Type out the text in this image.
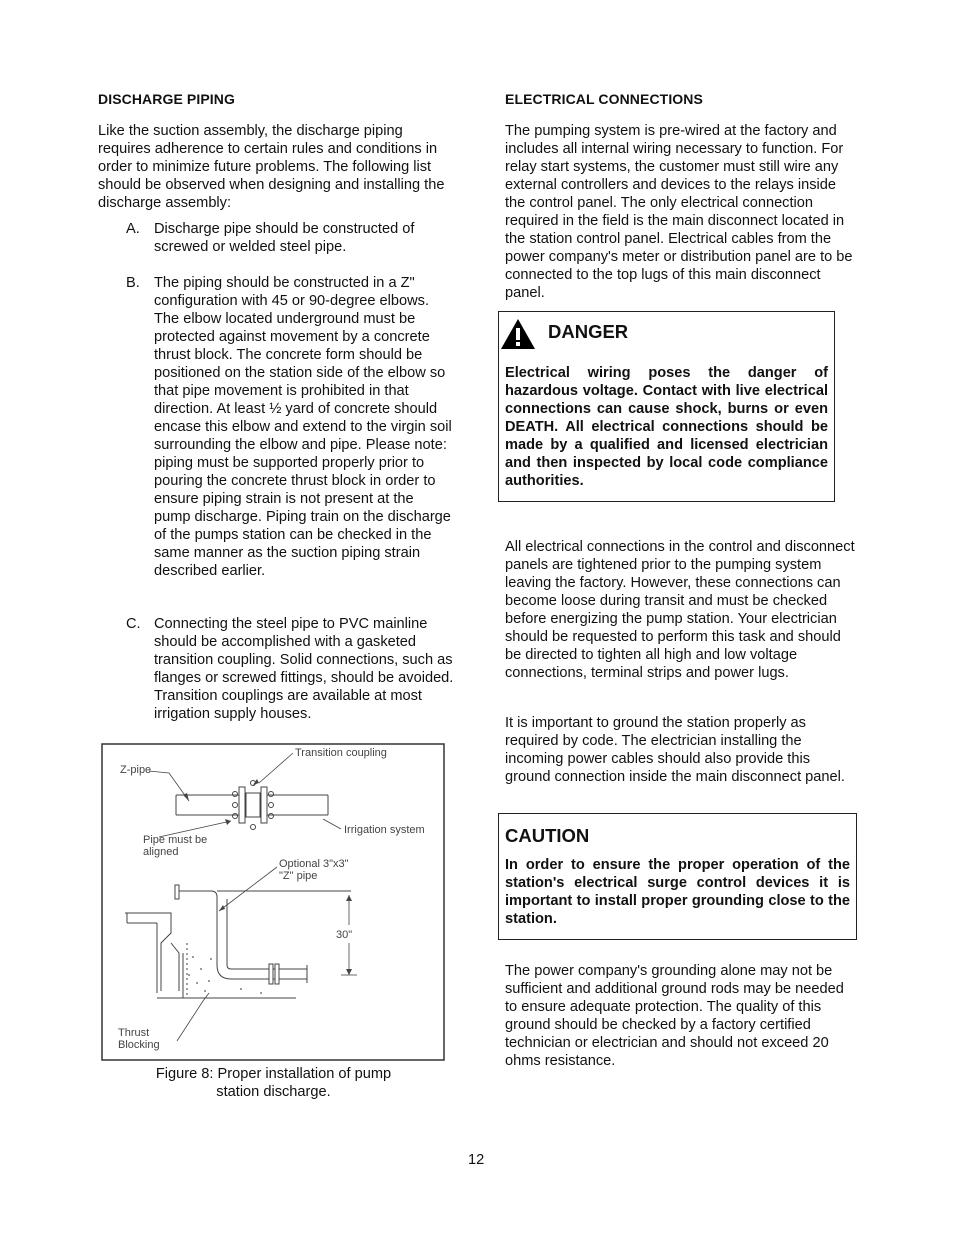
DISCHARGE PIPING
Like the suction assembly, the discharge piping requires adherence to certain rules and conditions in order to minimize future problems. The following list should be observed when designing and installing the discharge assembly:
A. Discharge pipe should be constructed of screwed or welded steel pipe.
B. The piping should be constructed in a Z" configuration with 45 or 90-degree elbows. The elbow located underground must be protected against movement by a concrete thrust block. The concrete form should be positioned on the station side of the elbow so that pipe movement is prohibited in that direction. At least ½ yard of concrete should encase this elbow and extend to the virgin soil surrounding the elbow and pipe. Please note: piping must be supported properly prior to pouring the concrete thrust block in order to ensure piping strain is not present at the pump discharge. Piping train on the discharge of the pumps station can be checked in the same manner as the suction piping strain described earlier.
C. Connecting the steel pipe to PVC mainline should be accomplished with a gasketed transition coupling. Solid connections, such as flanges or screwed fittings, should be avoided. Transition couplings are available at most irrigation supply houses.
Transition coupling
Z-pipe
Irrigation system
Pipe must be
aligned
Optional 3"x3"
"Z" pipe
30"
Thrust
Blocking
Figure 8: Proper installation of pump
station discharge.
ELECTRICAL CONNECTIONS
The pumping system is pre-wired at the factory and includes all internal wiring necessary to function. For relay start systems, the customer must still wire any external controllers and devices to the relays inside the control panel. The only electrical connection required in the field is the main disconnect located in the station control panel. Electrical cables from the power company's meter or distribution panel are to be connected to the top lugs of this main disconnect panel.
DANGER
Electrical wiring poses the danger of hazardous voltage. Contact with live electrical connections can cause shock, burns or even DEATH. All electrical connections should be made by a qualified and licensed electrician and then inspected by local code compliance authorities.
All electrical connections in the control and disconnect panels are tightened prior to the pumping system leaving the factory. However, these connections can become loose during transit and must be checked before energizing the pump station. Your electrician should be requested to perform this task and should be directed to tighten all high and low voltage connections, terminal strips and power lugs.
It is important to ground the station properly as required by code. The electrician installing the incoming power cables should also provide this ground connection inside the main disconnect panel.
CAUTION
In order to ensure the proper operation of the station's electrical surge control devices it is important to install proper grounding close to the station.
The power company's grounding alone may not be sufficient and additional ground rods may be needed to ensure adequate protection. The quality of this ground should be checked by a factory certified technician or electrician and should not exceed 20 ohms resistance.
12
